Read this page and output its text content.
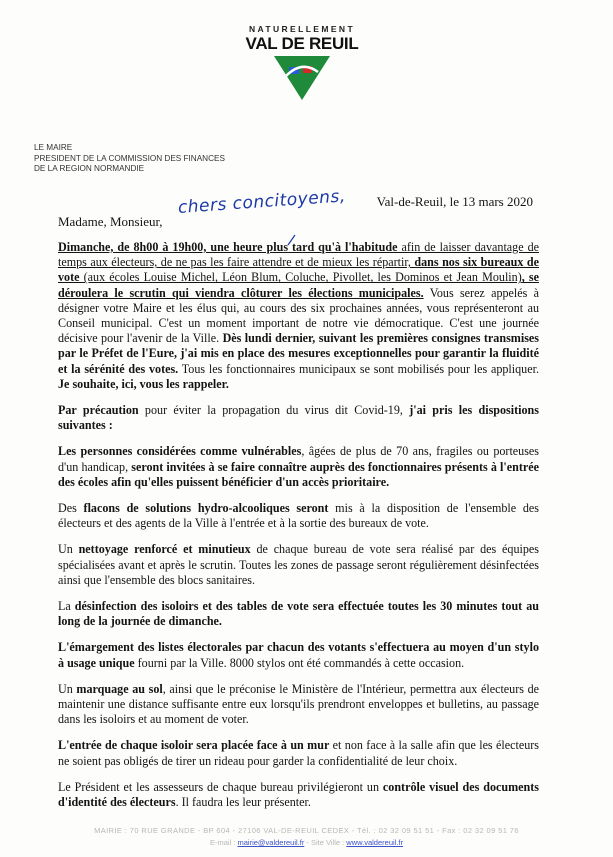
NATURELLEMENT
VAL DE REUIL
LE MAIRE
PRESIDENT DE LA COMMISSION DES FINANCES
DE LA REGION NORMANDIE
Val-de-Reuil, le 13 mars 2020
Madame, Monsieur,
chers concitoyens,

Dimanche, de 8h00 à 19h00, une heure plus tard qu'à l'habitude afin de laisser davantage de temps aux électeurs, de ne pas les faire attendre et de mieux les répartir, dans nos six bureaux de vote (aux écoles Louise Michel, Léon Blum, Coluche, Pivollet, les Dominos et Jean Moulin), se déroulera le scrutin qui viendra clôturer les élections municipales. Vous serez appelés à désigner votre Maire et les élus qui, au cours des six prochaines années, vous représenteront au Conseil municipal. C'est un moment important de notre vie démocratique. C'est une journée décisive pour l'avenir de la Ville. Dès lundi dernier, suivant les premières consignes transmises par le Préfet de l'Eure, j'ai mis en place des mesures exceptionnelles pour garantir la fluidité et la sérénité des votes. Tous les fonctionnaires municipaux se sont mobilisés pour les appliquer. Je souhaite, ici, vous les rappeler.

Par précaution pour éviter la propagation du virus dit Covid-19, j'ai pris les dispositions suivantes :

Les personnes considérées comme vulnérables, âgées de plus de 70 ans, fragiles ou porteuses d'un handicap, seront invitées à se faire connaître auprès des fonctionnaires présents à l'entrée des écoles afin qu'elles puissent bénéficier d'un accès prioritaire.

Des flacons de solutions hydro-alcooliques seront mis à la disposition de l'ensemble des électeurs et des agents de la Ville à l'entrée et à la sortie des bureaux de vote.

Un nettoyage renforcé et minutieux de chaque bureau de vote sera réalisé par des équipes spécialisées avant et après le scrutin. Toutes les zones de passage seront régulièrement désinfectées ainsi que l'ensemble des blocs sanitaires.

La désinfection des isoloirs et des tables de vote sera effectuée toutes les 30 minutes tout au long de la journée de dimanche.

L'émargement des listes électorales par chacun des votants s'effectuera au moyen d'un stylo à usage unique fourni par la Ville. 8000 stylos ont été commandés à cette occasion.

Un marquage au sol, ainsi que le préconise le Ministère de l'Intérieur, permettra aux électeurs de maintenir une distance suffisante entre eux lorsqu'ils prendront enveloppes et bulletins, au passage dans les isoloirs et au moment de voter.

L'entrée de chaque isoloir sera placée face à un mur et non face à la salle afin que les électeurs ne soient pas obligés de tirer un rideau pour garder la confidentialité de leur choix.

Le Président et les assesseurs de chaque bureau privilégieront un contrôle visuel des documents d'identité des électeurs. Il faudra les leur présenter.

MAIRIE : 70 RUE GRANDE - BP 604 - 27106 VAL-DE-REUIL CEDEX - Tél. : 02 32 09 51 51 - Fax : 02 32 09 51 76
E-mail : mairie@valdereuil.fr - Site Ville : www.valdereuil.fr
